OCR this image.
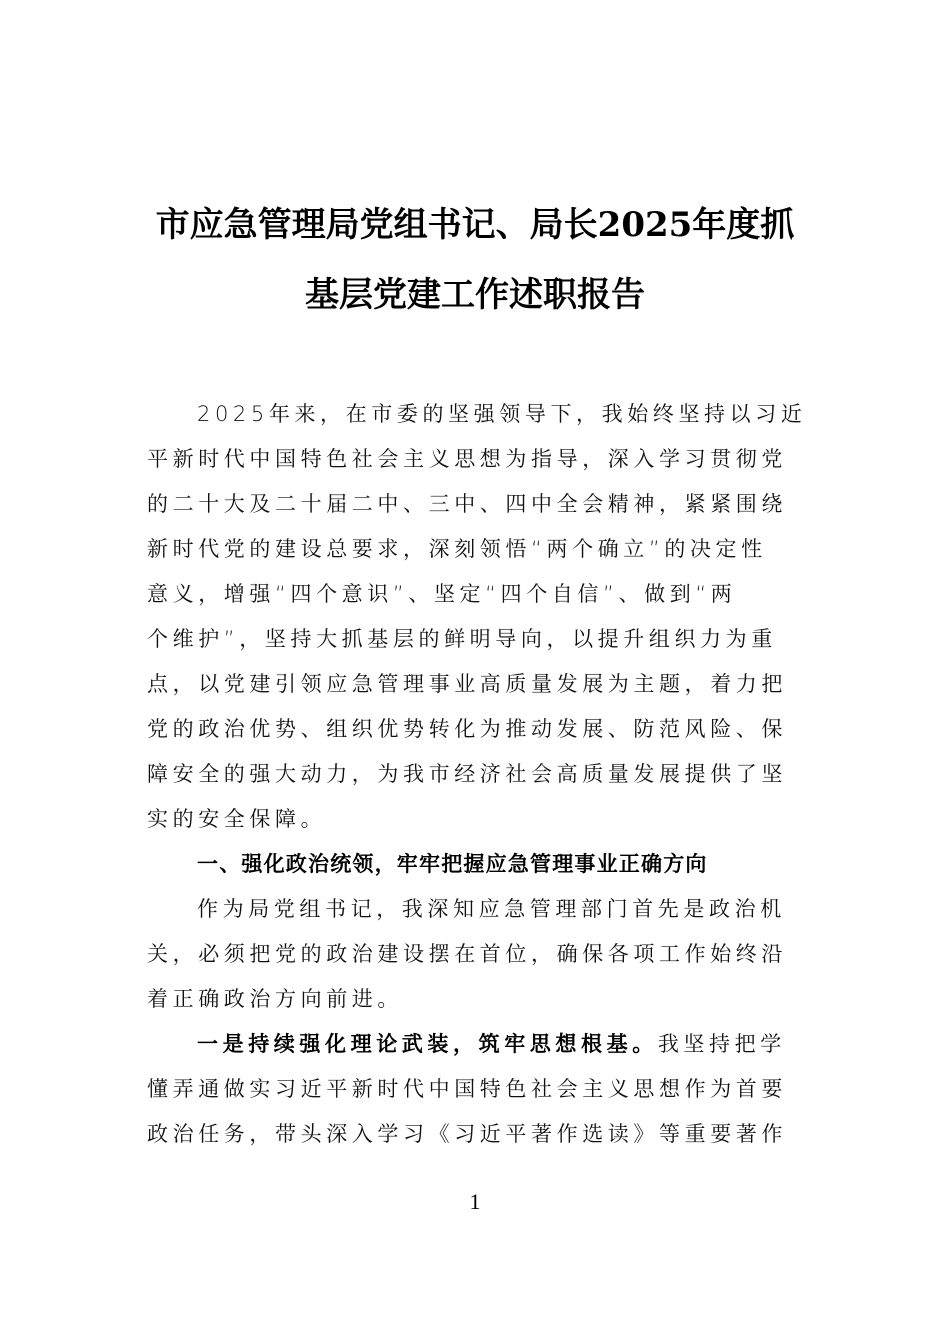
市应急管理局党组书记、局长2025年度抓
基层党建工作述职报告

2025年来，在市委的坚强领导下，我始终坚持以习近
平新时代中国特色社会主义思想为指导，深入学习贯彻党
的二十大及二十届二中、三中、四中全会精神，紧紧围绕
新时代党的建设总要求，深刻领悟“两个确立”的决定性
意义，增强“四个意识”、坚定“四个自信”、做到“两
个维护”，坚持大抓基层的鲜明导向，以提升组织力为重
点，以党建引领应急管理事业高质量发展为主题，着力把
党的政治优势、组织优势转化为推动发展、防范风险、保
障安全的强大动力，为我市经济社会高质量发展提供了坚
实的安全保障。

一、强化政治统领，牢牢把握应急管理事业正确方向

作为局党组书记，我深知应急管理部门首先是政治机
关，必须把党的政治建设摆在首位，确保各项工作始终沿
着正确政治方向前进。

一是持续强化理论武装，筑牢思想根基。我坚持把学
懂弄通做实习近平新时代中国特色社会主义思想作为首要
政治任务，带头深入学习《习近平著作选读》等重要著作

1
